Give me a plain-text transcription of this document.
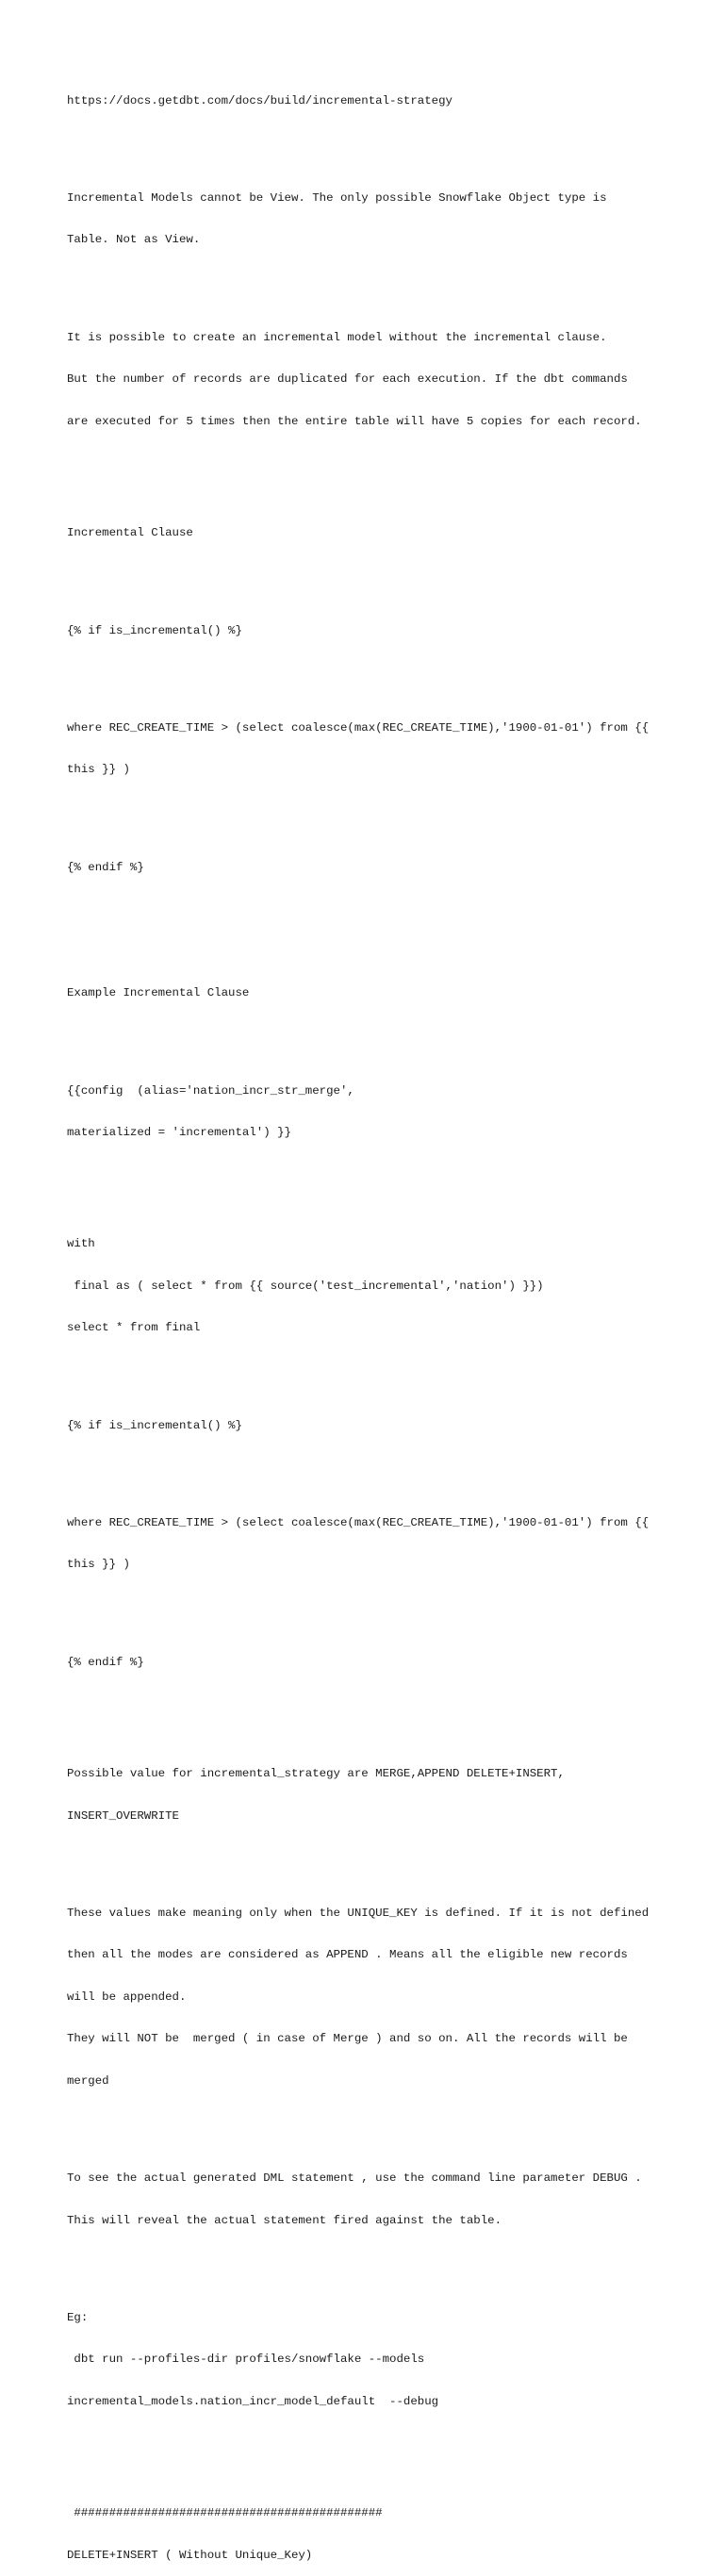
https://docs.getdbt.com/docs/build/incremental-strategy

Incremental Models cannot be View. The only possible Snowflake Object type is

Table. Not as View.

It is possible to create an incremental model without the incremental clause.

But the number of records are duplicated for each execution. If the dbt commands

are executed for 5 times then the entire table will have 5 copies for each record.

Incremental Clause

{% if is_incremental() %}

where REC_CREATE_TIME > (select coalesce(max(REC_CREATE_TIME),'1900-01-01') from {{

this }} )

{% endif %}

Example Incremental Clause

{{config  (alias='nation_incr_str_merge',

materialized = 'incremental') }}

with

final as ( select * from {{ source('test_incremental','nation') }})

select * from final

{% if is_incremental() %}

where REC_CREATE_TIME > (select coalesce(max(REC_CREATE_TIME),'1900-01-01') from {{

this }} )

{% endif %}

Possible value for incremental_strategy are MERGE,APPEND DELETE+INSERT,

INSERT_OVERWRITE

These values make meaning only when the UNIQUE_KEY is defined. If it is not defined

then all the modes are considered as APPEND . Means all the eligible new records

will be appended.

They will NOT be  merged ( in case of Merge ) and so on. All the records will be

merged

To see the actual generated DML statement , use the command line parameter DEBUG .

This will reveal the actual statement fired against the table.

Eg:

dbt run --profiles-dir profiles/snowflake --models

incremental_models.nation_incr_model_default  --debug

############################################

DELETE+INSERT ( Without Unique_Key)
